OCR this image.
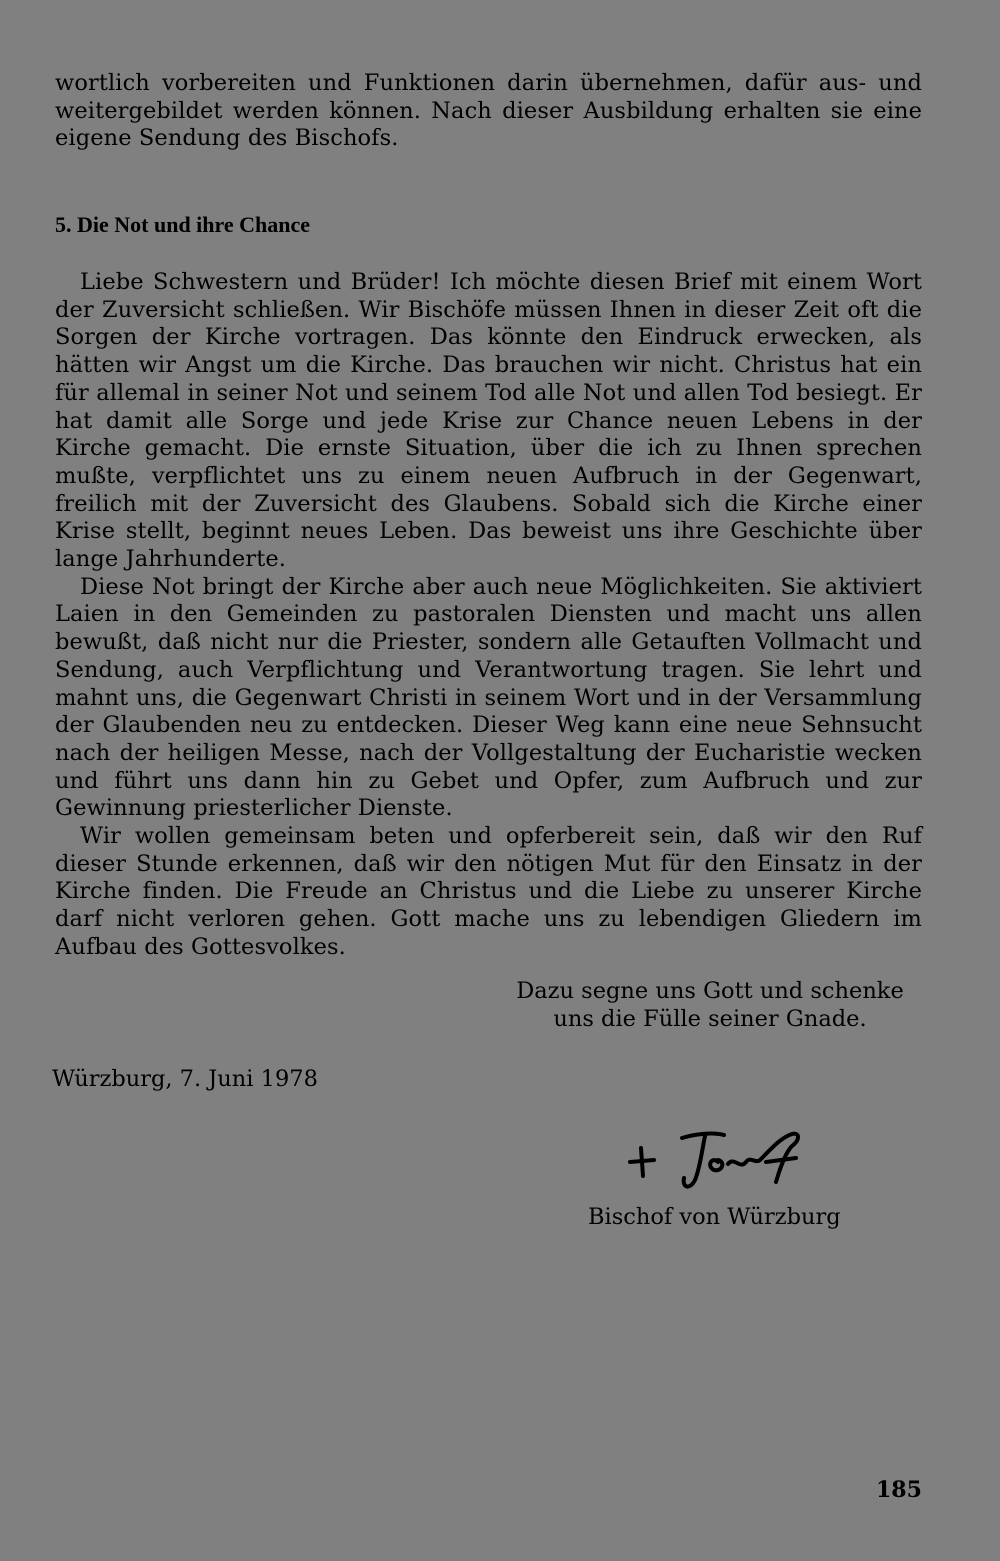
wortlich vorbereiten und Funktionen darin übernehmen, dafür aus- und weitergebildet werden können. Nach dieser Ausbildung erhalten sie eine eigene Sendung des Bischofs.

5. Die Not und ihre Chance

Liebe Schwestern und Brüder! Ich möchte diesen Brief mit einem Wort der Zuversicht schließen. Wir Bischöfe müssen Ihnen in dieser Zeit oft die Sorgen der Kirche vortragen. Das könnte den Eindruck erwecken, als hätten wir Angst um die Kirche. Das brauchen wir nicht. Christus hat ein für allemal in seiner Not und seinem Tod alle Not und allen Tod besiegt. Er hat damit alle Sorge und jede Krise zur Chance neuen Lebens in der Kirche gemacht. Die ernste Situation, über die ich zu Ihnen sprechen mußte, verpflichtet uns zu einem neuen Aufbruch in der Gegenwart, freilich mit der Zuversicht des Glaubens. Sobald sich die Kirche einer Krise stellt, beginnt neues Leben. Das beweist uns ihre Geschichte über lange Jahrhunderte.

Diese Not bringt der Kirche aber auch neue Möglichkeiten. Sie aktiviert Laien in den Gemeinden zu pastoralen Diensten und macht uns allen bewußt, daß nicht nur die Priester, sondern alle Getauften Vollmacht und Sendung, auch Verpflichtung und Verantwortung tragen. Sie lehrt und mahnt uns, die Gegenwart Christi in seinem Wort und in der Versammlung der Glaubenden neu zu entdecken. Dieser Weg kann eine neue Sehnsucht nach der heiligen Messe, nach der Vollgestaltung der Eucharistie wecken und führt uns dann hin zu Gebet und Opfer, zum Aufbruch und zur Gewinnung priesterlicher Dienste.

Wir wollen gemeinsam beten und opferbereit sein, daß wir den Ruf dieser Stunde erkennen, daß wir den nötigen Mut für den Einsatz in der Kirche finden. Die Freude an Christus und die Liebe zu unserer Kirche darf nicht verloren gehen. Gott mache uns zu lebendigen Gliedern im Aufbau des Gottesvolkes.

Dazu segne uns Gott und schenke
uns die Fülle seiner Gnade.

Würzburg, 7. Juni 1978

Bischof von Würzburg

185
